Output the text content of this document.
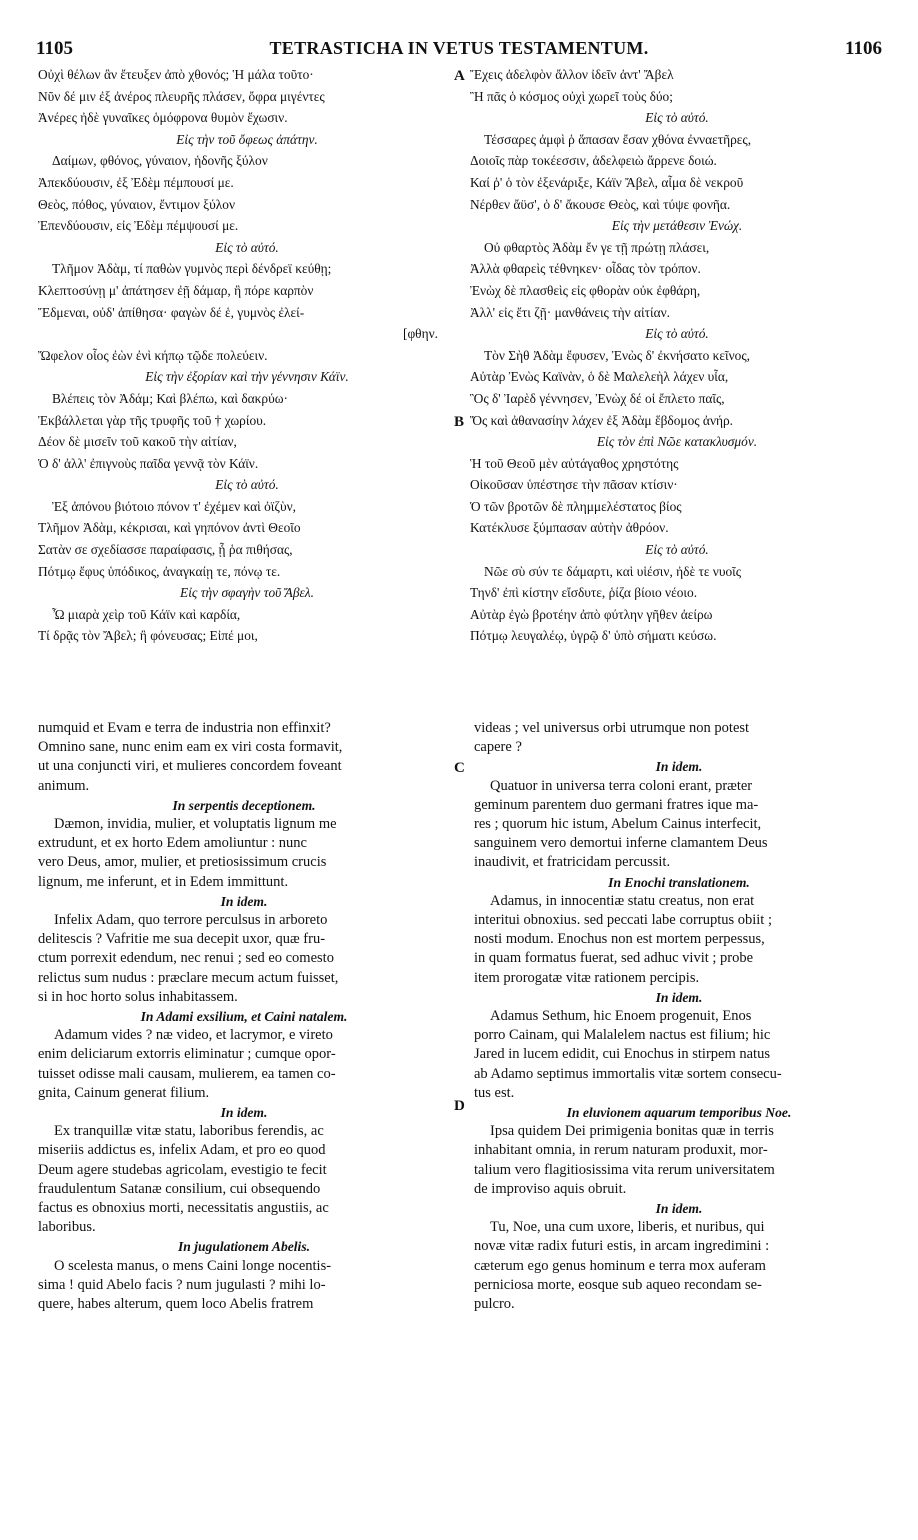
1105	TETRASTICHA IN VETUS TESTAMENTUM.	1106
Οὐχὶ θέλων ἂν ἔτευξεν ἀπὸ χθονός; Ἡ μάλα τοῦτο·
Νῦν δέ μιν ἐξ ἀνέρος πλευρῆς πλάσεν, ὄφρα μιγέντες
Ἀνέρες ἠδὲ γυναῖκες ὁμόφρονα θυμὸν ἔχωσιν.
Εἰς τὴν τοῦ ὄφεως ἀπάτην.
Δαίμων, φθόνος, γύναιον, ἡδονῆς ξύλον
Ἀπεκδύουσιν, ἐξ Ἐδὲμ πέμπουσί με.
Θεὸς, πόθος, γύναιον, ἔντιμον ξύλον
Ἐπενδύουσιν, εἰς Ἐδὲμ πέμψουσί με.
Εἰς τὸ αὐτό.
Τλῆμον Ἀδὰμ, τί παθὼν γυμνὸς περὶ δένδρεϊ κεύθῃ;
Κλεπτοσύνῃ μ' ἀπάτησεν ἐῇ δάμαρ, ἣ πόρε καρπὸν
Ἔδμεναι, οὐδ' ἀπίθησα· φαγὼν δέ ἑ, γυμνὸς ἐλεί-
[φθην.
Ὤφελον οἶος ἐὼν ἐνὶ κήπῳ τῷδε πολεύειν.
Εἰς τὴν ἐξορίαν καὶ τὴν γέννησιν Κάϊν.
Βλέπεις τὸν Ἀδάμ; Καὶ βλέπω, καὶ δακρύω·
Ἐκβάλλεται γὰρ τῆς τρυφῆς τοῦ † χωρίου.
Δέον δὲ μισεῖν τοῦ κακοῦ τὴν αἰτίαν,
Ὁ δ' ἀλλ' ἐπιγνοὺς παῖδα γεννᾷ τὸν Κάϊν.
Εἰς τὸ αὐτό.
Ἐξ ἀπόνου βιότοιο πόνον τ' ἐχέμεν καὶ ὀϊζὺν,
Τλῆμον Ἀδὰμ, κέκρισαι, καὶ γηπόνον ἀντὶ Θεοῖο
Σατὰν σε σχεδίασσε παραίφασις, ᾗ ῥα πιθήσας,
Πότμῳ ἔφυς ὑπόδικος, ἀναγκαίῃ τε, πόνῳ τε.
Εἰς τὴν σφαγὴν τοῦ Ἄβελ.
Ὦ μιαρὰ χεὶρ τοῦ Κάϊν καὶ καρδία,
Τί δρᾷς τὸν Ἄβελ; ἢ φόνευσας; Εἰπέ μοι,
Ἔχεις ἀδελφὸν ἄλλον ἰδεῖν ἀντ' Ἄβελ
Ἢ πᾶς ὁ κόσμος οὐχὶ χωρεῖ τοὺς δύο;
Εἰς τὸ αὐτό.
Τέσσαρες ἀμφὶ ῥ ἅπασαν ἔσαν χθόνα ἐνναετῆρες,
Δοιοῖς πὰρ τοκέεσσιν, ἀδελφειὼ ἄρρενε δοιώ.
Καί ῥ' ὁ τὸν ἐξενάριξε, Κάϊν Ἄβελ, αἷμα δὲ νεκροῦ
Νέρθεν ἄϋσ', ὁ δ' ἄκουσε Θεὸς, καὶ τύψε φονῆα.
Εἰς τὴν μετάθεσιν Ἐνώχ.
Οὐ φθαρτὸς Ἀδὰμ ἔν γε τῇ πρώτῃ πλάσει,
Ἀλλὰ φθαρεὶς τέθνηκεν· οἶδας τὸν τρόπον.
Ἐνὼχ δὲ πλασθεὶς εἰς φθορὰν οὐκ ἐφθάρη,
Ἀλλ' εἰς ἔτι ζῇ· μανθάνεις τὴν αἰτίαν.
Εἰς τὸ αὐτό.
Τὸν Σὴθ Ἀδὰμ ἔφυσεν, Ἐνὼς δ' ἐκνήσατο κεῖνος,
Αὐτὰρ Ἐνὼς Καϊνὰν, ὁ δὲ Μαλελεὴλ λάχεν υἷα,
Ὃς δ' Ἰαρὲδ γέννησεν, Ἐνὼχ δέ οἱ ἔπλετο παῖς,
Ὅς καὶ ἀθανασίην λάχεν ἐξ Ἀδὰμ ἕβδομος ἀνήρ.
Εἰς τὸν ἐπὶ Νῶε κατακλυσμόν.
Ἡ τοῦ Θεοῦ μὲν αὐτάγαθος χρηστότης
Οἰκοῦσαν ὑπέστησε τὴν πᾶσαν κτίσιν·
Ὁ τῶν βροτῶν δὲ πλημμελέστατος βίος
Κατέκλυσε ξύμπασαν αὐτὴν ἀθρόον.
Εἰς τὸ αὐτό.
Νῶε σὺ σύν τε δάμαρτι, καὶ υἱέσιν, ἠδὲ τε νυοῖς
Τηνδ' ἐπὶ κίστην εἴσδυτε, ῥίζα βίοιο νέοιο.
Αὐτὰρ ἐγὼ βροτέην ἀπὸ φύτλην γῆθεν ἀείρω
Πότμῳ λευγαλέῳ, ὑγρῷ δ' ὑπὸ σήματι κεύσω.
A
B
C
D
numquid et Evam e terra de industria non effinxit?
Omnino sane, nunc enim eam ex viri costa formavit,
ut una conjuncti viri, et mulieres concordem foveant
animum.
In serpentis deceptionem.
Dæmon, invidia, mulier, et voluptatis lignum me
extrudunt, et ex horto Edem amoliuntur : nunc
vero Deus, amor, mulier, et pretiosissimum crucis
lignum, me inferunt, et in Edem immittunt.
In idem.
Infelix Adam, quo terrore perculsus in arboreto
delitescis ? Vafritie me sua decepit uxor, quæ fru-
ctum porrexit edendum, nec renui ; sed eo comesto
relictus sum nudus : præclare mecum actum fuisset,
si in hoc horto solus inhabitassem.
In Adami exsilium, et Caini natalem.
Adamum vides ? næ video, et lacrymor, e vireto
enim deliciarum extorris eliminatur ; cumque opor-
tuisset odisse mali causam, mulierem, ea tamen co-
gnita, Cainum generat filium.
In idem.
Ex tranquillæ vitæ statu, laboribus ferendis, ac
miseriis addictus es, infelix Adam, et pro eo quod
Deum agere studebas agricolam, evestigio te fecit
fraudulentum Satanæ consilium, cui obsequendo
factus es obnoxius morti, necessitatis angustiis, ac
laboribus.
In jugulationem Abelis.
O scelesta manus, o mens Caini longe nocentis-
sima ! quid Abelo facis ? num jugulasti ? mihi lo-
quere, habes alterum, quem loco Abelis fratrem
videas ; vel universus orbi utrumque non potest
capere ?
In idem.
Quatuor in universa terra coloni erant, præter
geminum parentem duo germani fratres ique ma-
res ; quorum hic istum, Abelum Cainus interfecit,
sanguinem vero demortui inferne clamantem Deus
inaudivit, et fratricidam percussit.
In Enochi translationem.
Adamus, in innocentiæ statu creatus, non erat
interitui obnoxius. sed peccati labe corruptus obiit ;
nosti modum. Enochus non est mortem perpessus,
in quam formatus fuerat, sed adhuc vivit ; probe
item prorogatæ vitæ rationem percipis.
In idem.
Adamus Sethum, hic Enoem progenuit, Enos
porro Cainam, qui Malalelem nactus est filium; hic
Jared in lucem edidit, cui Enochus in stirpem natus
ab Adamo septimus immortalis vitæ sortem consecu-
tus est.
In eluvionem aquarum temporibus Noe.
Ipsa quidem Dei primigenia bonitas quæ in terris
inhabitant omnia, in rerum naturam produxit, mor-
talium vero flagitiosissima vita rerum universitatem
de improviso aquis obruit.
In idem.
Tu, Noe, una cum uxore, liberis, et nuribus, qui
novæ vitæ radix futuri estis, in arcam ingredimini :
cæterum ego genus hominum e terra mox auferam
perniciosa morte, eosque sub aqueo recondam se-
pulcro.
